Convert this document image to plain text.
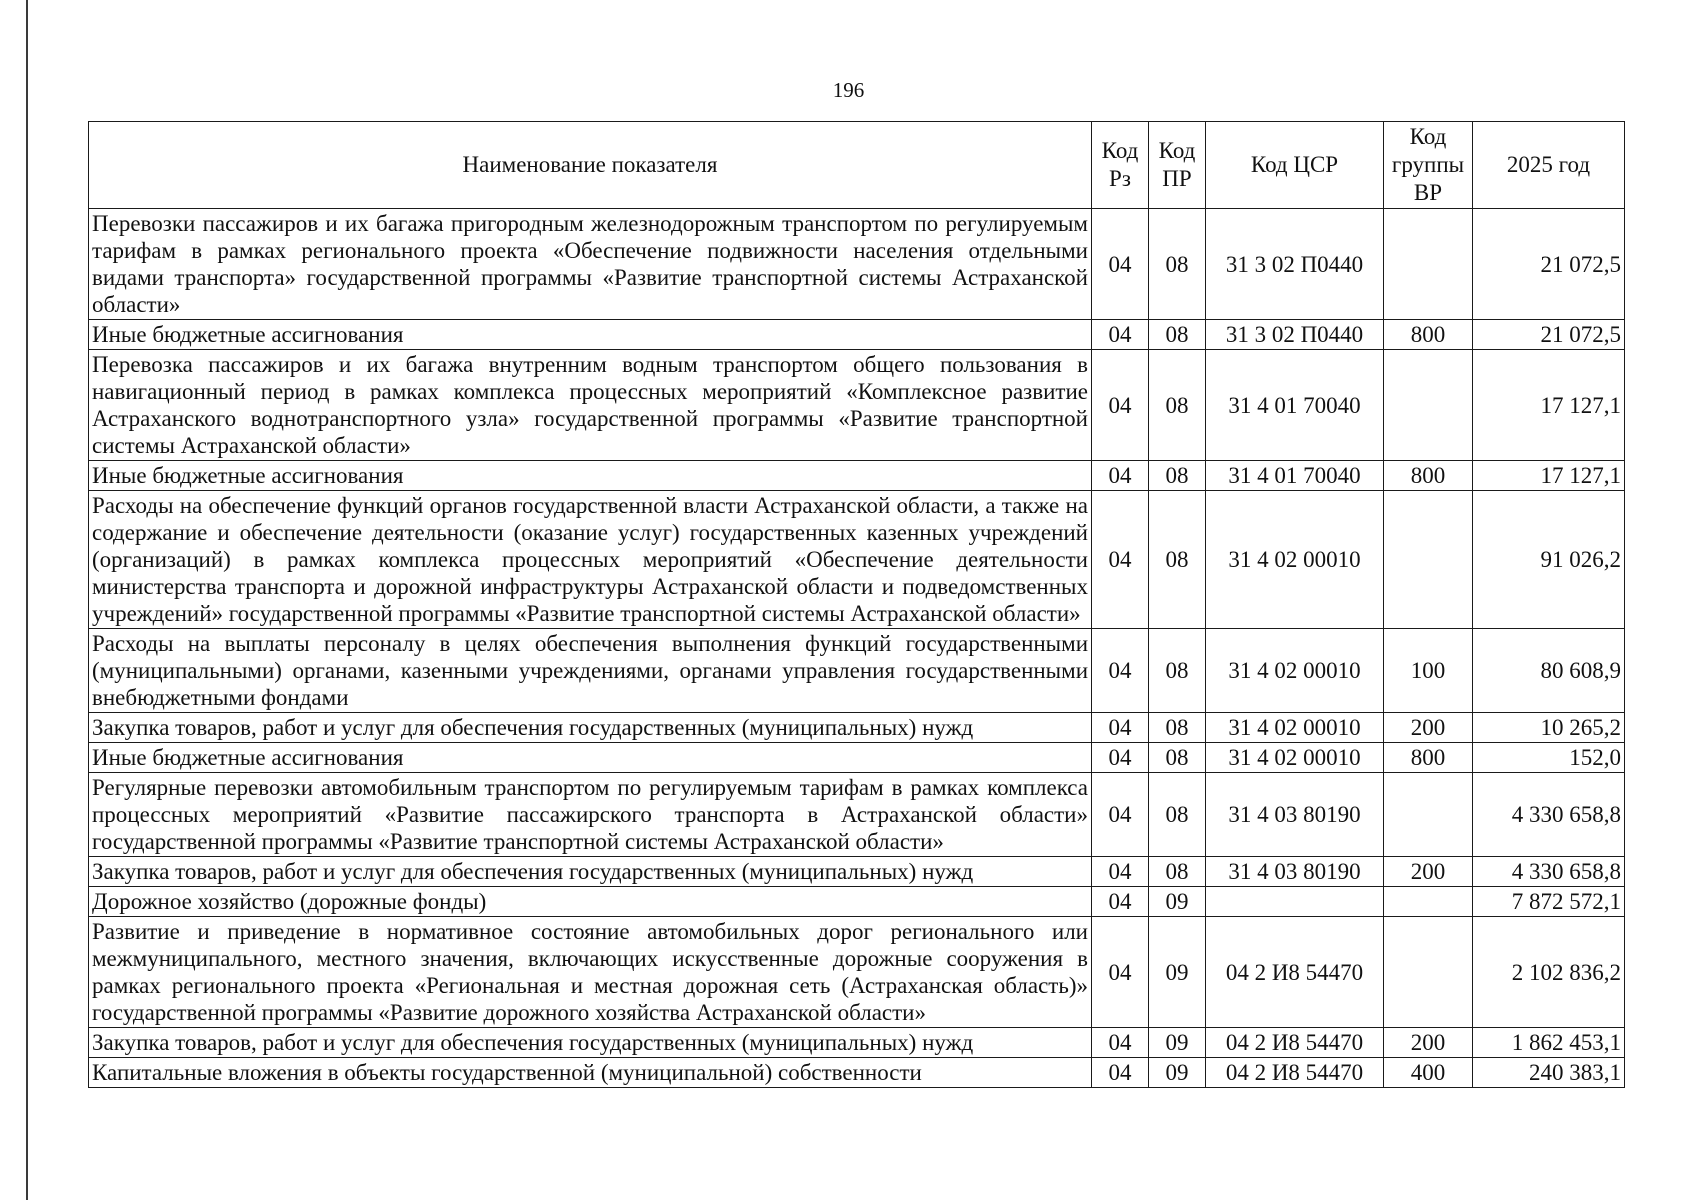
196
Наименование показателя	Код Рз	Код ПР	Код ЦСР	Код группы ВР	2025 год
Перевозки пассажиров и их багажа пригородным железнодорожным транспортом по регулируемым тарифам в рамках регионального проекта «Обеспечение подвижности населения отдельными видами транспорта» государственной программы «Развитие транспортной системы Астраханской области»	04	08	31 3 02 П0440		21 072,5
Иные бюджетные ассигнования	04	08	31 3 02 П0440	800	21 072,5
Перевозка пассажиров и их багажа внутренним водным транспортом общего пользования в навигационный период в рамках комплекса процессных мероприятий «Комплексное развитие Астраханского воднотранспортного узла» государственной программы «Развитие транспортной системы Астраханской области»	04	08	31 4 01 70040		17 127,1
Иные бюджетные ассигнования	04	08	31 4 01 70040	800	17 127,1
Расходы на обеспечение функций органов государственной власти Астраханской области, а также на содержание и обеспечение деятельности (оказание услуг) государственных казенных учреждений (организаций) в рамках комплекса процессных мероприятий «Обеспечение деятельности министерства транспорта и дорожной инфраструктуры Астраханской области и подведомственных учреждений» государственной программы «Развитие транспортной системы Астраханской области»	04	08	31 4 02 00010		91 026,2
Расходы на выплаты персоналу в целях обеспечения выполнения функций государственными (муниципальными) органами, казенными учреждениями, органами управления государственными внебюджетными фондами	04	08	31 4 02 00010	100	80 608,9
Закупка товаров, работ и услуг для обеспечения государственных (муниципальных) нужд	04	08	31 4 02 00010	200	10 265,2
Иные бюджетные ассигнования	04	08	31 4 02 00010	800	152,0
Регулярные перевозки автомобильным транспортом по регулируемым тарифам в рамках комплекса процессных мероприятий «Развитие пассажирского транспорта в Астраханской области» государственной программы «Развитие транспортной системы Астраханской области»	04	08	31 4 03 80190		4 330 658,8
Закупка товаров, работ и услуг для обеспечения государственных (муниципальных) нужд	04	08	31 4 03 80190	200	4 330 658,8
Дорожное хозяйство (дорожные фонды)	04	09			7 872 572,1
Развитие и приведение в нормативное состояние автомобильных дорог регионального или межмуниципального, местного значения, включающих искусственные дорожные сооружения в рамках регионального проекта «Региональная и местная дорожная сеть (Астраханская область)» государственной программы «Развитие дорожного хозяйства Астраханской области»	04	09	04 2 И8 54470		2 102 836,2
Закупка товаров, работ и услуг для обеспечения государственных (муниципальных) нужд	04	09	04 2 И8 54470	200	1 862 453,1
Капитальные вложения в объекты государственной (муниципальной) собственности	04	09	04 2 И8 54470	400	240 383,1
